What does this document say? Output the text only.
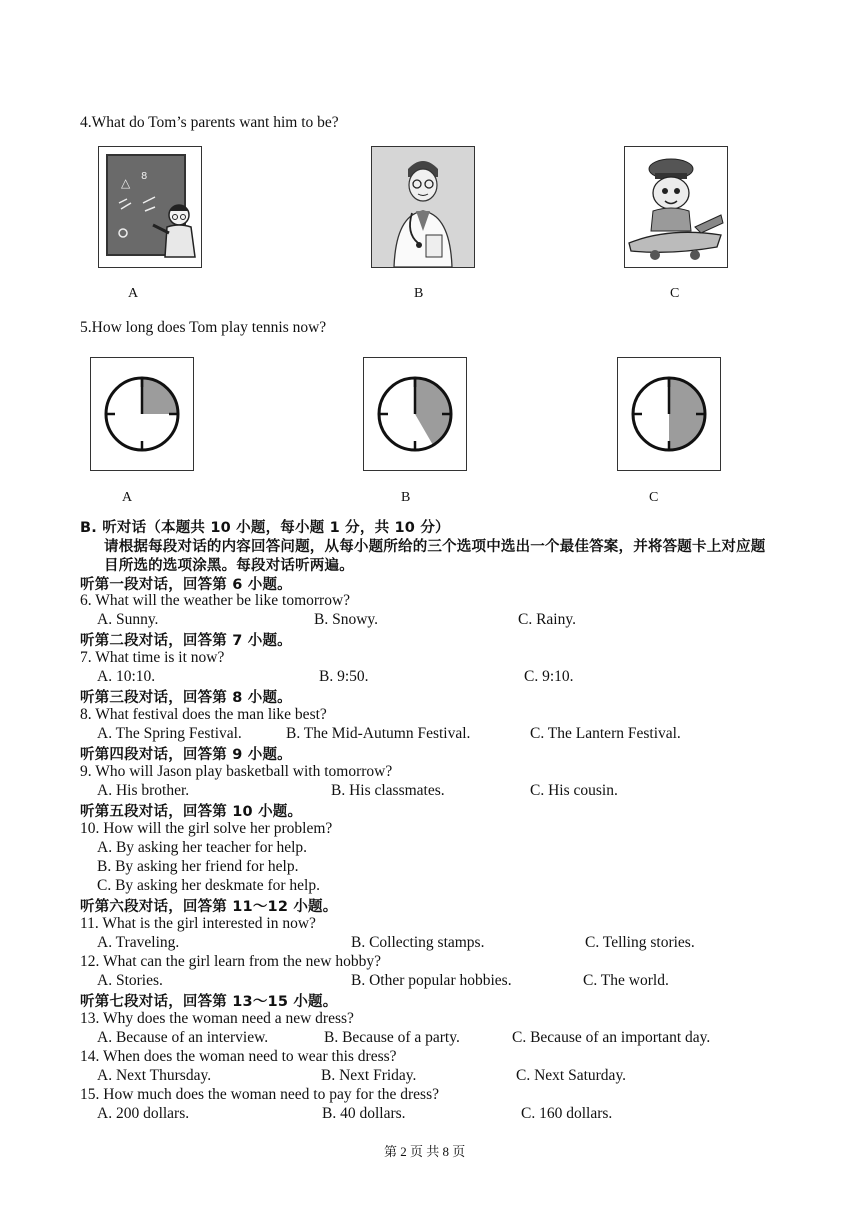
4.What do Tom’s parents want him to be?
△ 8
A	B	C
5.How long does Tom play tennis now?
A	B	C
B. 听对话（本题共 10 小题，每小题 1 分，共 10 分）
请根据每段对话的内容回答问题，从每小题所给的三个选项中选出一个最佳答案，并将答题卡上对应题
目所选的选项涂黑。每段对话听两遍。
听第一段对话，回答第 6 小题。
6. What will the weather be like tomorrow?
A. Sunny.	B. Snowy.	C. Rainy.
听第二段对话，回答第 7 小题。
7. What time is it now?
A. 10:10.	B. 9:50.	C. 9:10.
听第三段对话，回答第 8 小题。
8. What festival does the man like best?
A. The Spring Festival.	B. The Mid-Autumn Festival.	C. The Lantern Festival.
听第四段对话，回答第 9 小题。
9. Who will Jason play basketball with tomorrow?
A. His brother.	B. His classmates.	C. His cousin.
听第五段对话，回答第 10 小题。
10. How will the girl solve her problem?
A. By asking her teacher for help.
B. By asking her friend for help.
C. By asking her deskmate for help.
听第六段对话，回答第 11～12 小题。
11. What is the girl interested in now?
A. Traveling.	B. Collecting stamps.	C. Telling stories.
12. What can the girl learn from the new hobby?
A. Stories.	B. Other popular hobbies.	C. The world.
听第七段对话，回答第 13～15 小题。
13. Why does the woman need a new dress?
A. Because of an interview.	B. Because of a party.	C. Because of an important day.
14. When does the woman need to wear this dress?
A. Next Thursday.	B. Next Friday.	C. Next Saturday.
15. How much does the woman need to pay for the dress?
A. 200 dollars.	B. 40 dollars.	C. 160 dollars.
第 2 页 共 8 页
